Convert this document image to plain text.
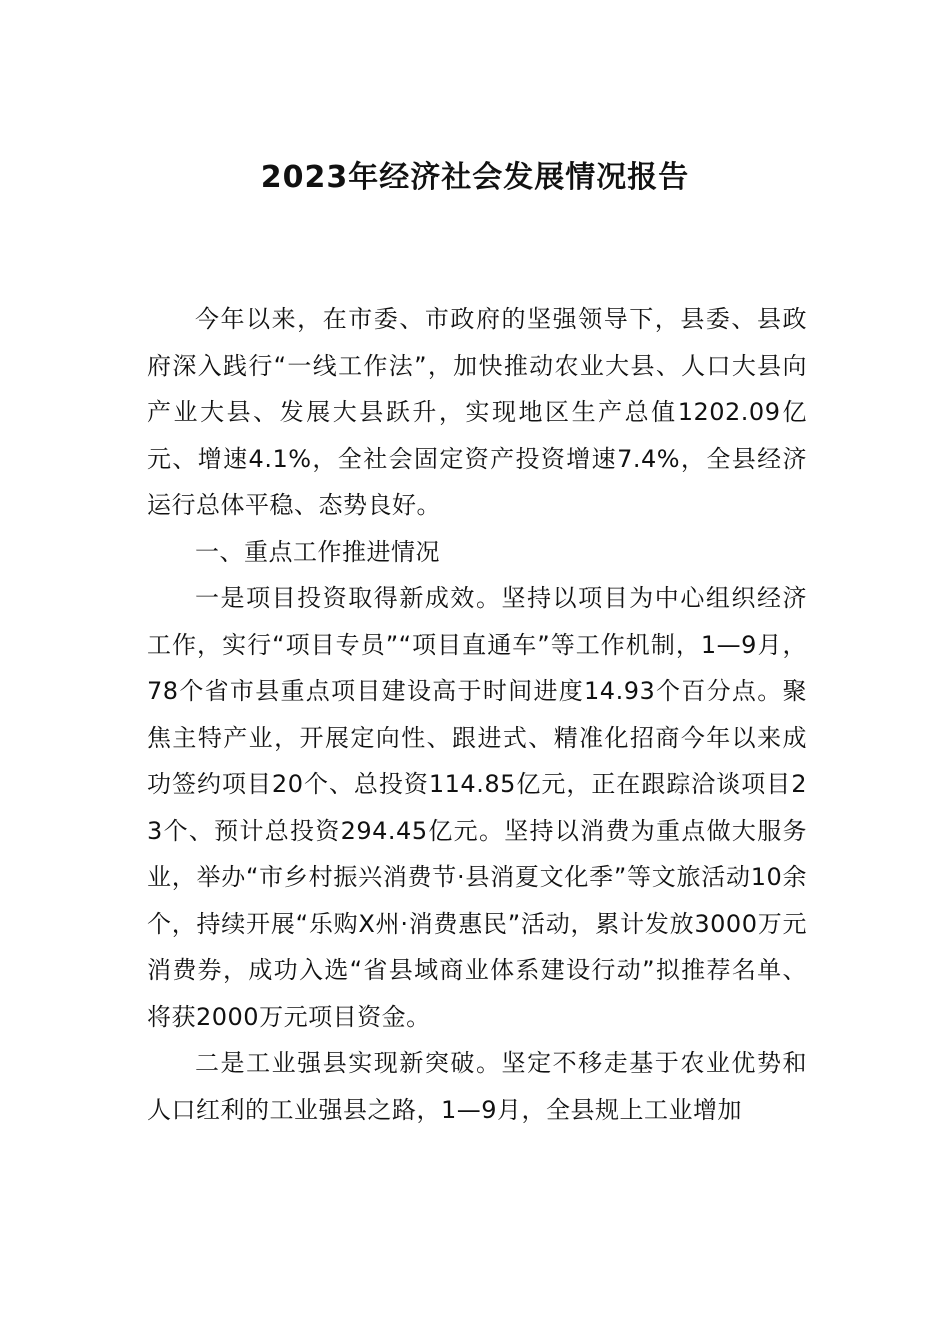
2023年经济社会发展情况报告

今年以来，在市委、市政府的坚强领导下，县委、县政府深入践行“一线工作法”，加快推动农业大县、人口大县向产业大县、发展大县跃升，实现地区生产总值1202.09亿元、增速4.1%，全社会固定资产投资增速7.4%，全县经济运行总体平稳、态势良好。

一、重点工作推进情况

一是项目投资取得新成效。坚持以项目为中心组织经济工作，实行“项目专员”“项目直通车”等工作机制，1—9月，78个省市县重点项目建设高于时间进度14.93个百分点。聚焦主特产业，开展定向性、跟进式、精准化招商今年以来成功签约项目20个、总投资114.85亿元，正在跟踪洽谈项目23个、预计总投资294.45亿元。坚持以消费为重点做大服务业，举办“市乡村振兴消费节·县消夏文化季”等文旅活动10余个，持续开展“乐购X州·消费惠民”活动，累计发放3000万元消费券，成功入选“省县域商业体系建设行动”拟推荐名单、将获2000万元项目资金。

二是工业强县实现新突破。坚定不移走基于农业优势和人口红利的工业强县之路，1—9月，全县规上工业增加
